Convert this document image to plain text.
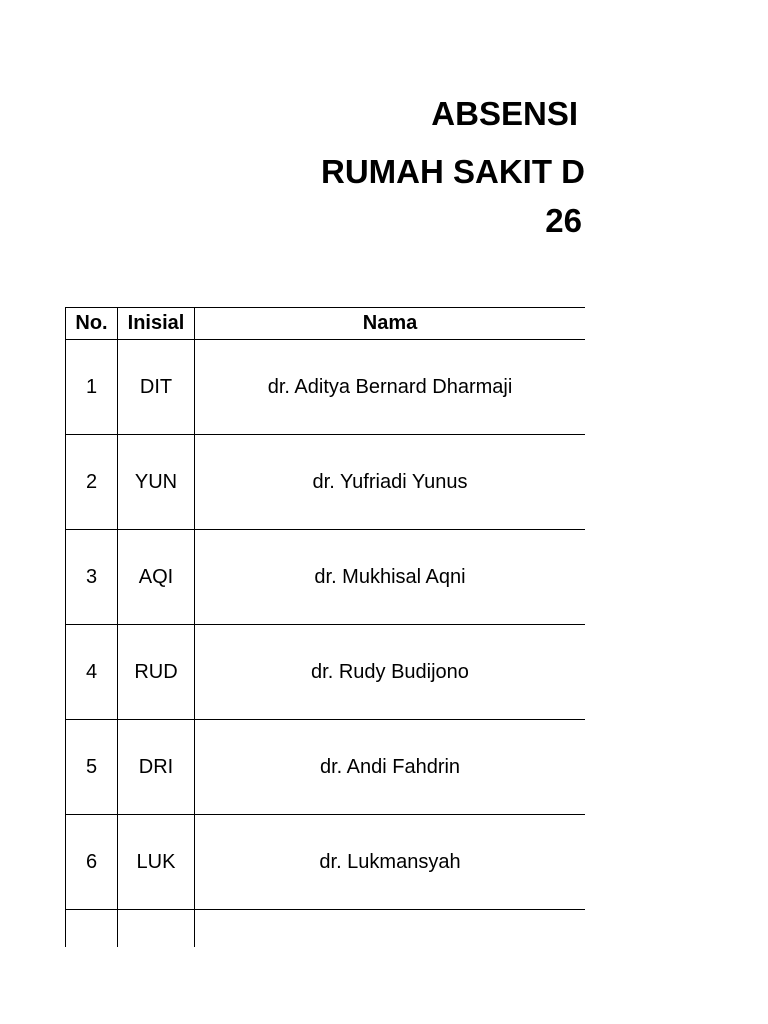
ABSENSI
RUMAH SAKIT D
26
No.	Inisial	Nama
1	DIT	dr. Aditya Bernard Dharmaji
2	YUN	dr. Yufriadi Yunus
3	AQI	dr. Mukhisal Aqni
4	RUD	dr. Rudy Budijono
5	DRI	dr. Andi Fahdrin
6	LUK	dr. Lukmansyah
